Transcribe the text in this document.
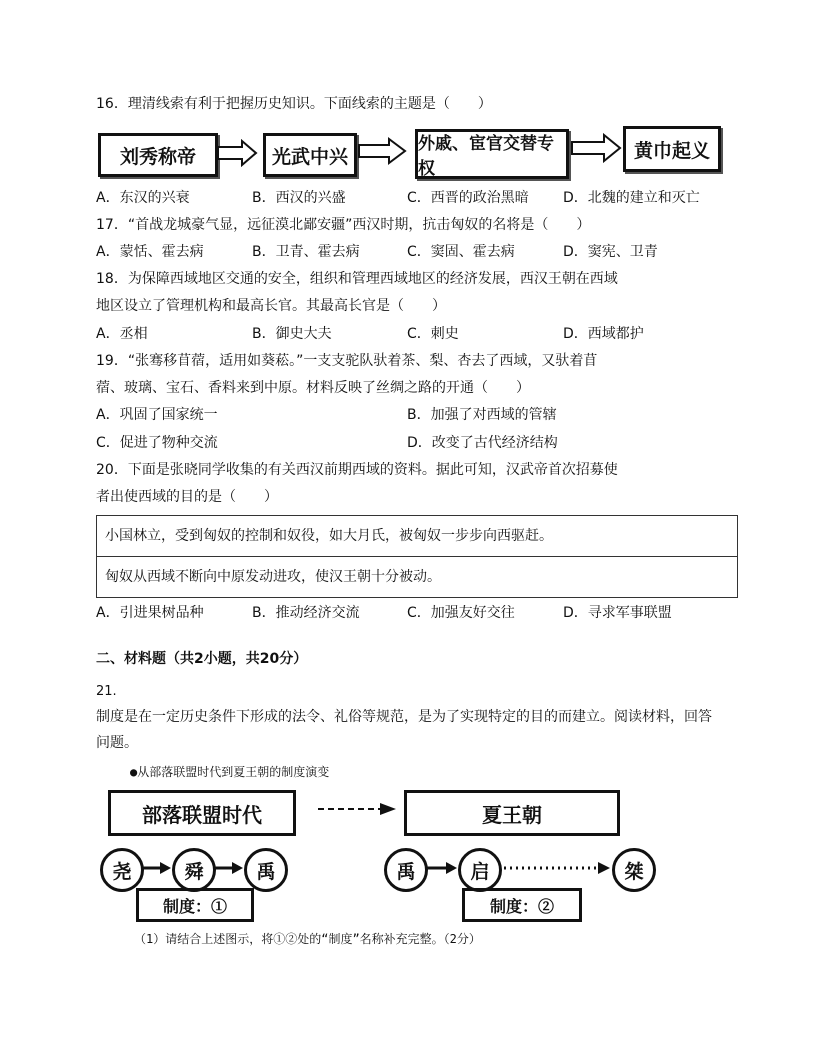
16．理清线索有利于把握历史知识。下面线索的主题是（　　）
刘秀称帝	光武中兴
外戚、宦官交替专权
黄巾起义
A．东汉的兴衰	B．西汉的兴盛	C．西晋的政治黑暗 D．北魏的建立和灭亡
17．“首战龙城豪气显，远征漠北鄙安疆”西汉时期，抗击匈奴的名将是（　　）
A．蒙恬、霍去病	B．卫青、霍去病	C．窦固、霍去病	D．窦宪、卫青
18．为保障西域地区交通的安全，组织和管理西域地区的经济发展，西汉王朝在西域
地区设立了管理机构和最高长官。其最高长官是（　　）
A．丞相	B．御史大夫	C．刺史	D．西域都护
19．“张骞移苜蓿，适用如葵菘。”一支支驼队驮着茶、梨、杏去了西域，又驮着苜
蓿、玻璃、宝石、香料来到中原。材料反映了丝绸之路的开通（　　）
A．巩固了国家统一	B．加强了对西域的管辖
C．促进了物种交流	D．改变了古代经济结构
20．下面是张晓同学收集的有关西汉前期西域的资料。据此可知，汉武帝首次招募使
者出使西域的目的是（　　）
小国林立，受到匈奴的控制和奴役，如大月氏，被匈奴一步步向西驱赶。
匈奴从西域不断向中原发动进攻，使汉王朝十分被动。
A．引进果树品种	B．推动经济交流	C．加强友好交往	D．寻求军事联盟
二、材料题（共2小题，共20分）
21.
制度是在一定历史条件下形成的法令、礼俗等规范，是为了实现特定的目的而建立。阅读材料，回答
问题。
●从部落联盟时代到夏王朝的制度演变
部落联盟时代	夏王朝
尧	舜	禹
制度：①
禹	启	桀
制度：②
（1）请结合上述图示，将①②处的“制度”名称补充完整。（2分）
